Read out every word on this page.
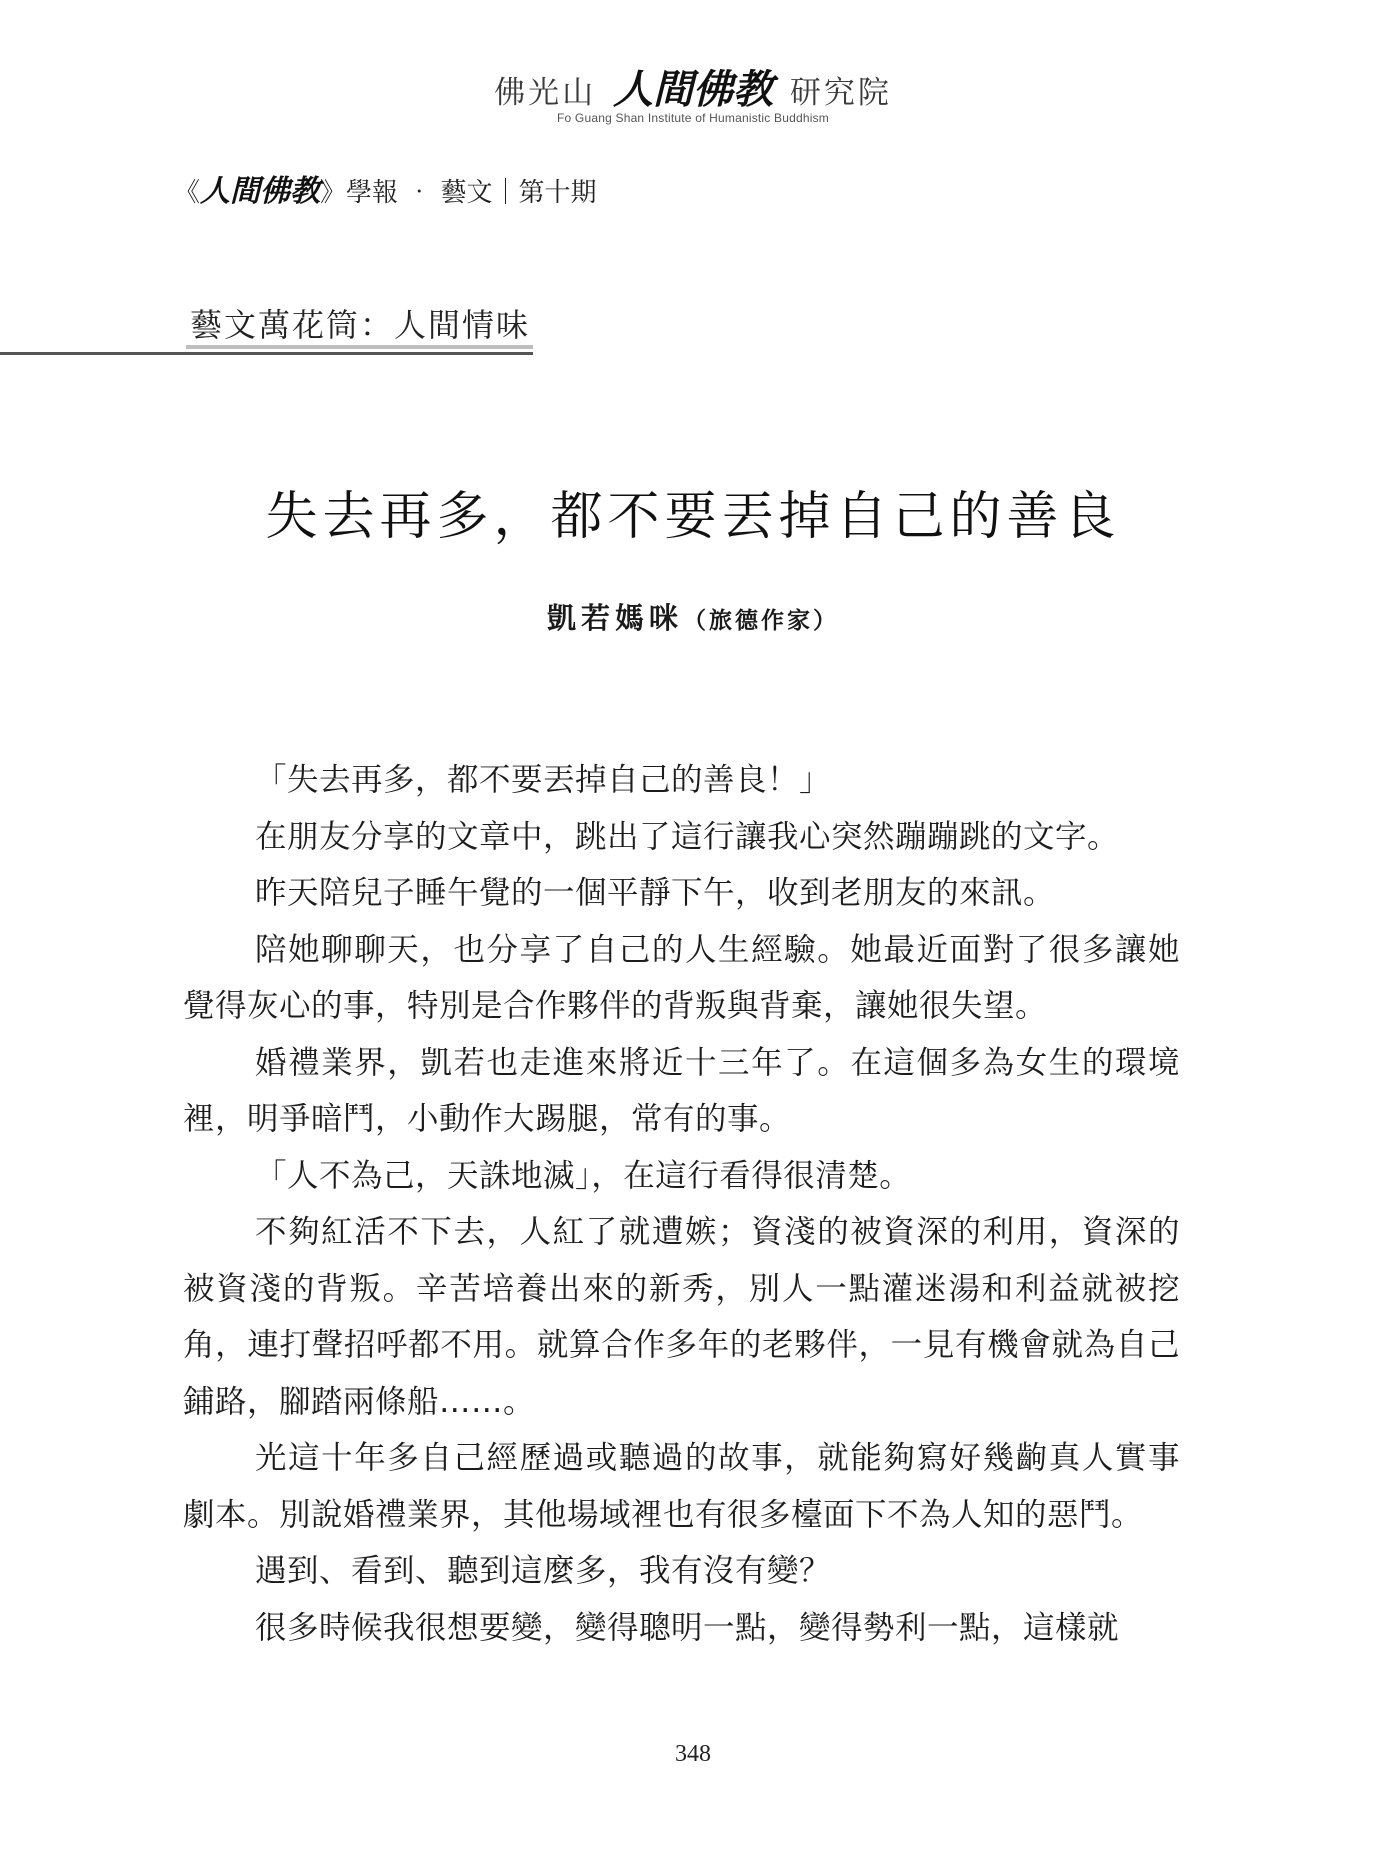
佛光山 人間佛教 研究院
Fo Guang Shan Institute of Humanistic Buddhism
《人間佛教》學報 ‧ 藝文｜第十期
藝文萬花筒：人間情味
失去再多，都不要丟掉自己的善良
凱若媽咪（旅德作家）

「失去再多，都不要丟掉自己的善良！」

在朋友分享的文章中，跳出了這行讓我心突然蹦蹦跳的文字。

昨天陪兒子睡午覺的一個平靜下午，收到老朋友的來訊。

陪她聊聊天，也分享了自己的人生經驗。她最近面對了很多讓她覺得灰心的事，特別是合作夥伴的背叛與背棄，讓她很失望。

婚禮業界，凱若也走進來將近十三年了。在這個多為女生的環境裡，明爭暗鬥，小動作大踢腿，常有的事。

「人不為己，天誅地滅」，在這行看得很清楚。

不夠紅活不下去，人紅了就遭嫉；資淺的被資深的利用，資深的被資淺的背叛。辛苦培養出來的新秀，別人一點灌迷湯和利益就被挖角，連打聲招呼都不用。就算合作多年的老夥伴，一見有機會就為自己鋪路，腳踏兩條船……。

光這十年多自己經歷過或聽過的故事，就能夠寫好幾齣真人實事劇本。別說婚禮業界，其他場域裡也有很多檯面下不為人知的惡鬥。

遇到、看到、聽到這麼多，我有沒有變？

很多時候我很想要變，變得聰明一點，變得勢利一點，這樣就

348
